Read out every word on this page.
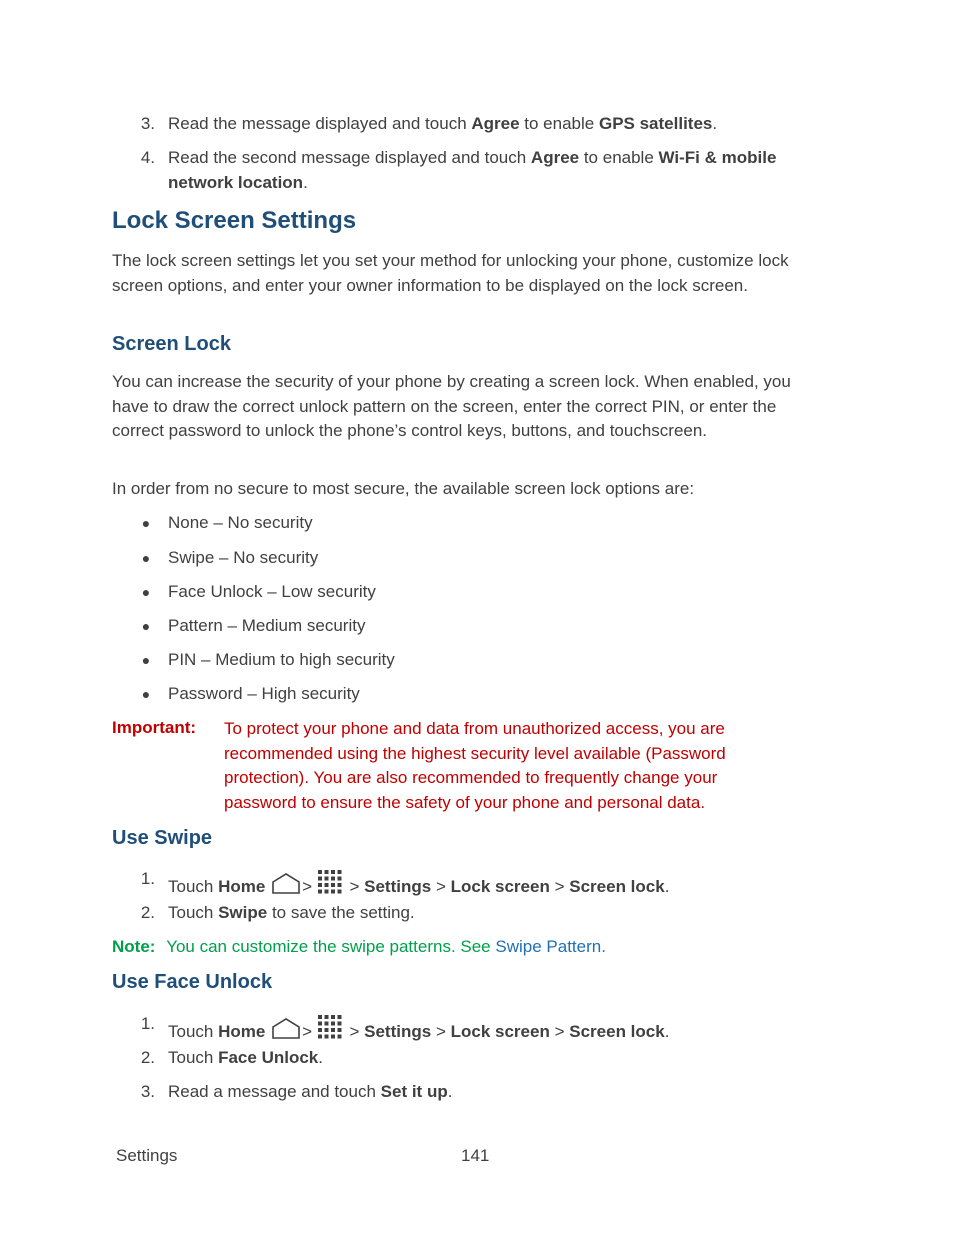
3. Read the message displayed and touch Agree to enable GPS satellites.
4. Read the second message displayed and touch Agree to enable Wi-Fi & mobile
network location.
Lock Screen Settings
The lock screen settings let you set your method for unlocking your phone, customize lock screen options, and enter your owner information to be displayed on the lock screen.
Screen Lock
You can increase the security of your phone by creating a screen lock. When enabled, you have to draw the correct unlock pattern on the screen, enter the correct PIN, or enter the correct password to unlock the phone’s control keys, buttons, and touchscreen.
In order from no secure to most secure, the available screen lock options are:
● None – No security
● Swipe – No security
● Face Unlock – Low security
● Pattern – Medium security
● PIN – Medium to high security
● Password – High security
Important: To protect your phone and data from unauthorized access, you are recommended using the highest security level available (Password protection). You are also recommended to frequently change your password to ensure the safety of your phone and personal data.
Use Swipe
1. Touch Home > > Settings > Lock screen > Screen lock.
2. Touch Swipe to save the setting.
Note: You can customize the swipe patterns. See Swipe Pattern.
Use Face Unlock
1. Touch Home > > Settings > Lock screen > Screen lock.
2. Touch Face Unlock.
3. Read a message and touch Set it up.
Settings	141
